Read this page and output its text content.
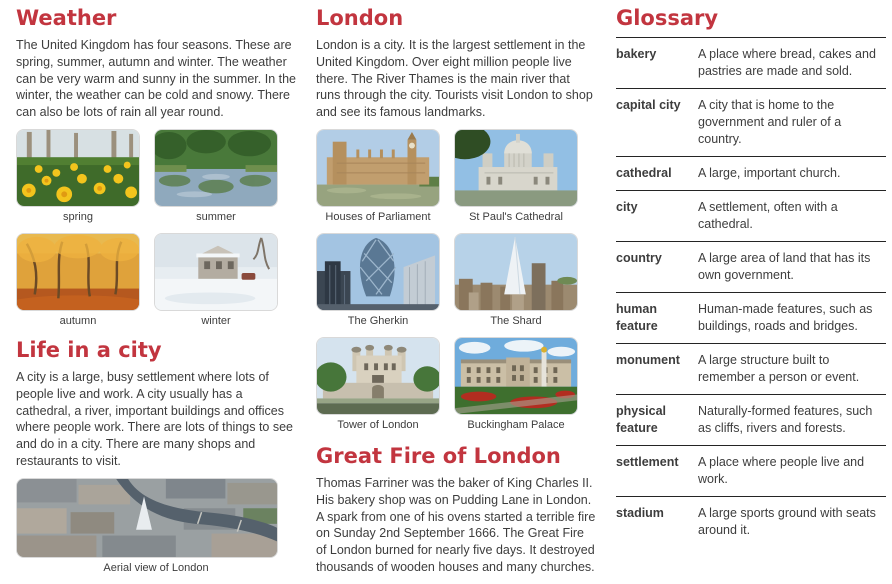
Weather

The United Kingdom has four seasons. These are spring, summer, autumn and winter. The weather can be very warm and sunny in the summer. In the winter, the weather can be cold and snowy. There can also be lots of rain all year round.

spring	summer
autumn	winter
Life in a city

A city is a large, busy settlement where lots of people live and work. A city usually has a cathedral, a river, important buildings and offices where people work. There are lots of things to see and do in a city. There are many shops and restaurants to visit.

Aerial view of London
London

London is a city. It is the largest settlement in the United Kingdom. Over eight million people live there. The River Thames is the main river that runs through the city. Tourists visit London to shop and see its famous landmarks.

Houses of Parliament	St Paul's Cathedral
The Gherkin	The Shard
Tower of London	Buckingham Palace
Great Fire of London

Thomas Farriner was the baker of King Charles II. His bakery shop was on Pudding Lane in London. A spark from one of his ovens started a terrible fire on Sunday 2nd September 1666. The Great Fire of London burned for nearly five days. It destroyed thousands of wooden houses and many churches.

Glossary
bakery	A place where bread, cakes and pastries are made and sold.
capital city	A city that is home to the government and ruler of a country.
cathedral	A large, important church.
city	A settlement, often with a cathedral.
country	A large area of land that has its own government.
human feature	Human-made features, such as buildings, roads and bridges.
monument	A large structure built to remember a person or event.
physical feature	Naturally-formed features, such as cliffs, rivers and forests.
settlement	A place where people live and work.
stadium	A large sports ground with seats around it.
